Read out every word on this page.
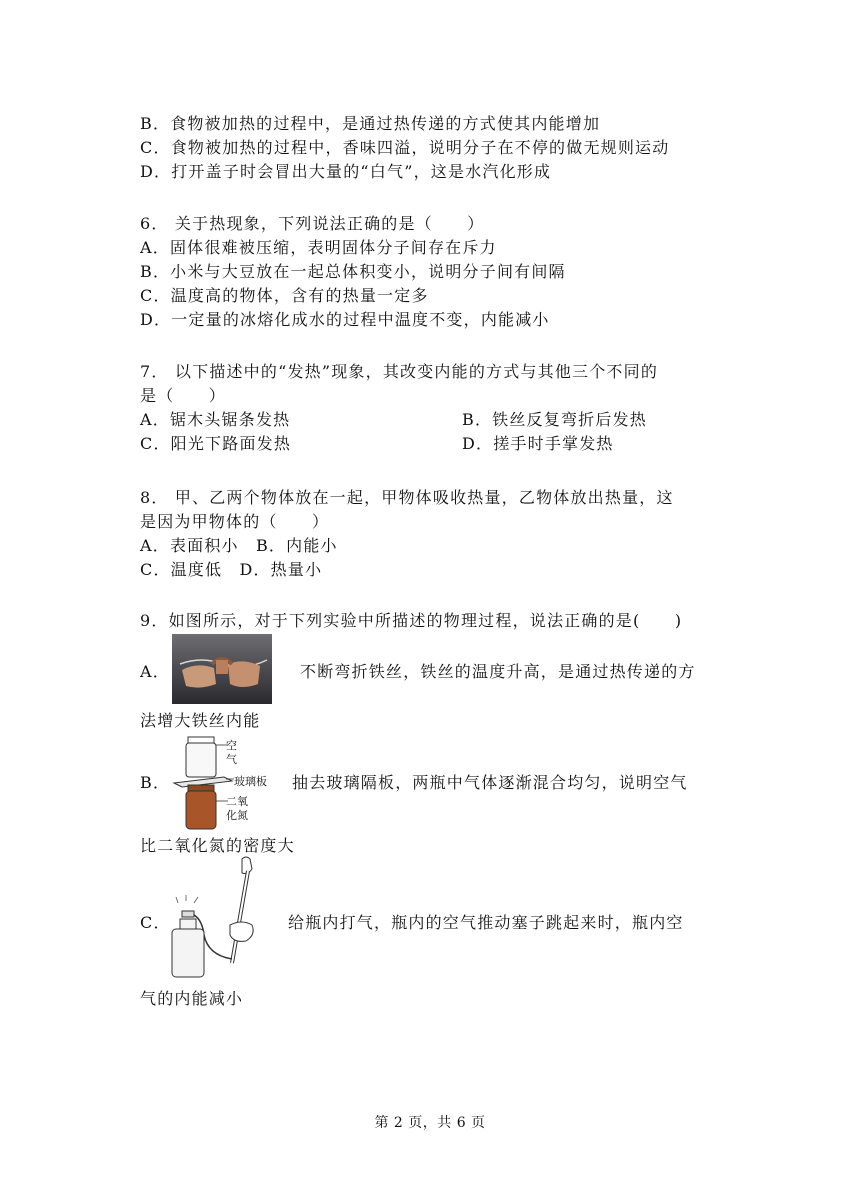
B．食物被加热的过程中，是通过热传递的方式使其内能增加
C．食物被加热的过程中，香味四溢，说明分子在不停的做无规则运动
D．打开盖子时会冒出大量的“白气”，这是水汽化形成
6． 关于热现象，下列说法正确的是（　　）
A．固体很难被压缩，表明固体分子间存在斥力
B．小米与大豆放在一起总体积变小，说明分子间有间隔
C．温度高的物体，含有的热量一定多
D．一定量的冰熔化成水的过程中温度不变，内能减小
7． 以下描述中的“发热”现象，其改变内能的方式与其他三个不同的
是（　　）
A．锯木头锯条发热	B．铁丝反复弯折后发热
C．阳光下路面发热	D．搓手时手掌发热
8． 甲、乙两个物体放在一起，甲物体吸收热量，乙物体放出热量，这
是因为甲物体的（　　）
A．表面积小　B．内能小
C．温度低　D．热量小
9．如图所示，对于下列实验中所描述的物理过程，说法正确的是(　　)
A．	不断弯折铁丝，铁丝的温度升高，是通过热传递的方
法增大铁丝内能
B．
空
气
玻璃板
二氧
化氮
抽去玻璃隔板，两瓶中气体逐渐混合均匀，说明空气
比二氧化氮的密度大
C．	给瓶内打气，瓶内的空气推动塞子跳起来时，瓶内空
气的内能减小
第 2 页，共 6 页
